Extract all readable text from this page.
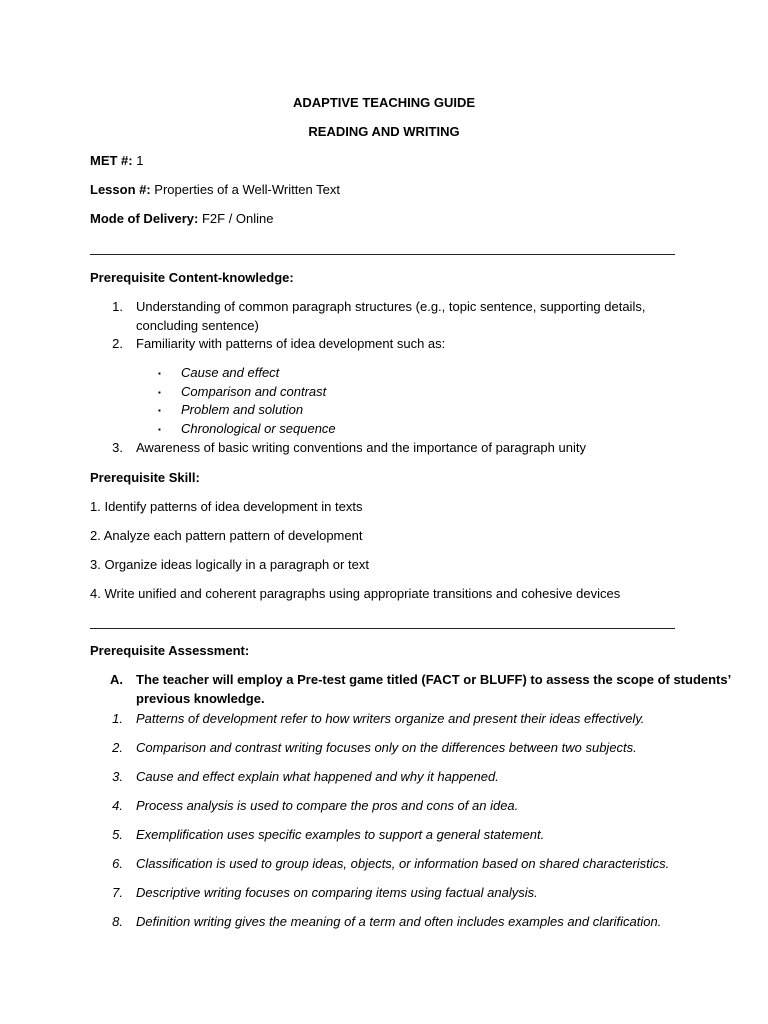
ADAPTIVE TEACHING GUIDE
READING AND WRITING
MET #: 1
Lesson #: Properties of a Well-Written Text
Mode of Delivery: F2F / Online
Prerequisite Content-knowledge:
1. Understanding of common paragraph structures (e.g., topic sentence, supporting details,
concluding sentence)
2. Familiarity with patterns of idea development such as:
▪ Cause and effect
▪ Comparison and contrast
▪ Problem and solution
▪ Chronological or sequence
3. Awareness of basic writing conventions and the importance of paragraph unity
Prerequisite Skill:
1. Identify patterns of idea development in texts
2. Analyze each pattern pattern of development
3. Organize ideas logically in a paragraph or text
4. Write unified and coherent paragraphs using appropriate transitions and cohesive devices
Prerequisite Assessment:
A. The teacher will employ a Pre-test game titled (FACT or BLUFF) to assess the scope of students’
previous knowledge.
1. Patterns of development refer to how writers organize and present their ideas effectively.
2. Comparison and contrast writing focuses only on the differences between two subjects.
3. Cause and effect explain what happened and why it happened.
4. Process analysis is used to compare the pros and cons of an idea.
5. Exemplification uses specific examples to support a general statement.
6. Classification is used to group ideas, objects, or information based on shared characteristics.
7. Descriptive writing focuses on comparing items using factual analysis.
8. Definition writing gives the meaning of a term and often includes examples and clarification.
